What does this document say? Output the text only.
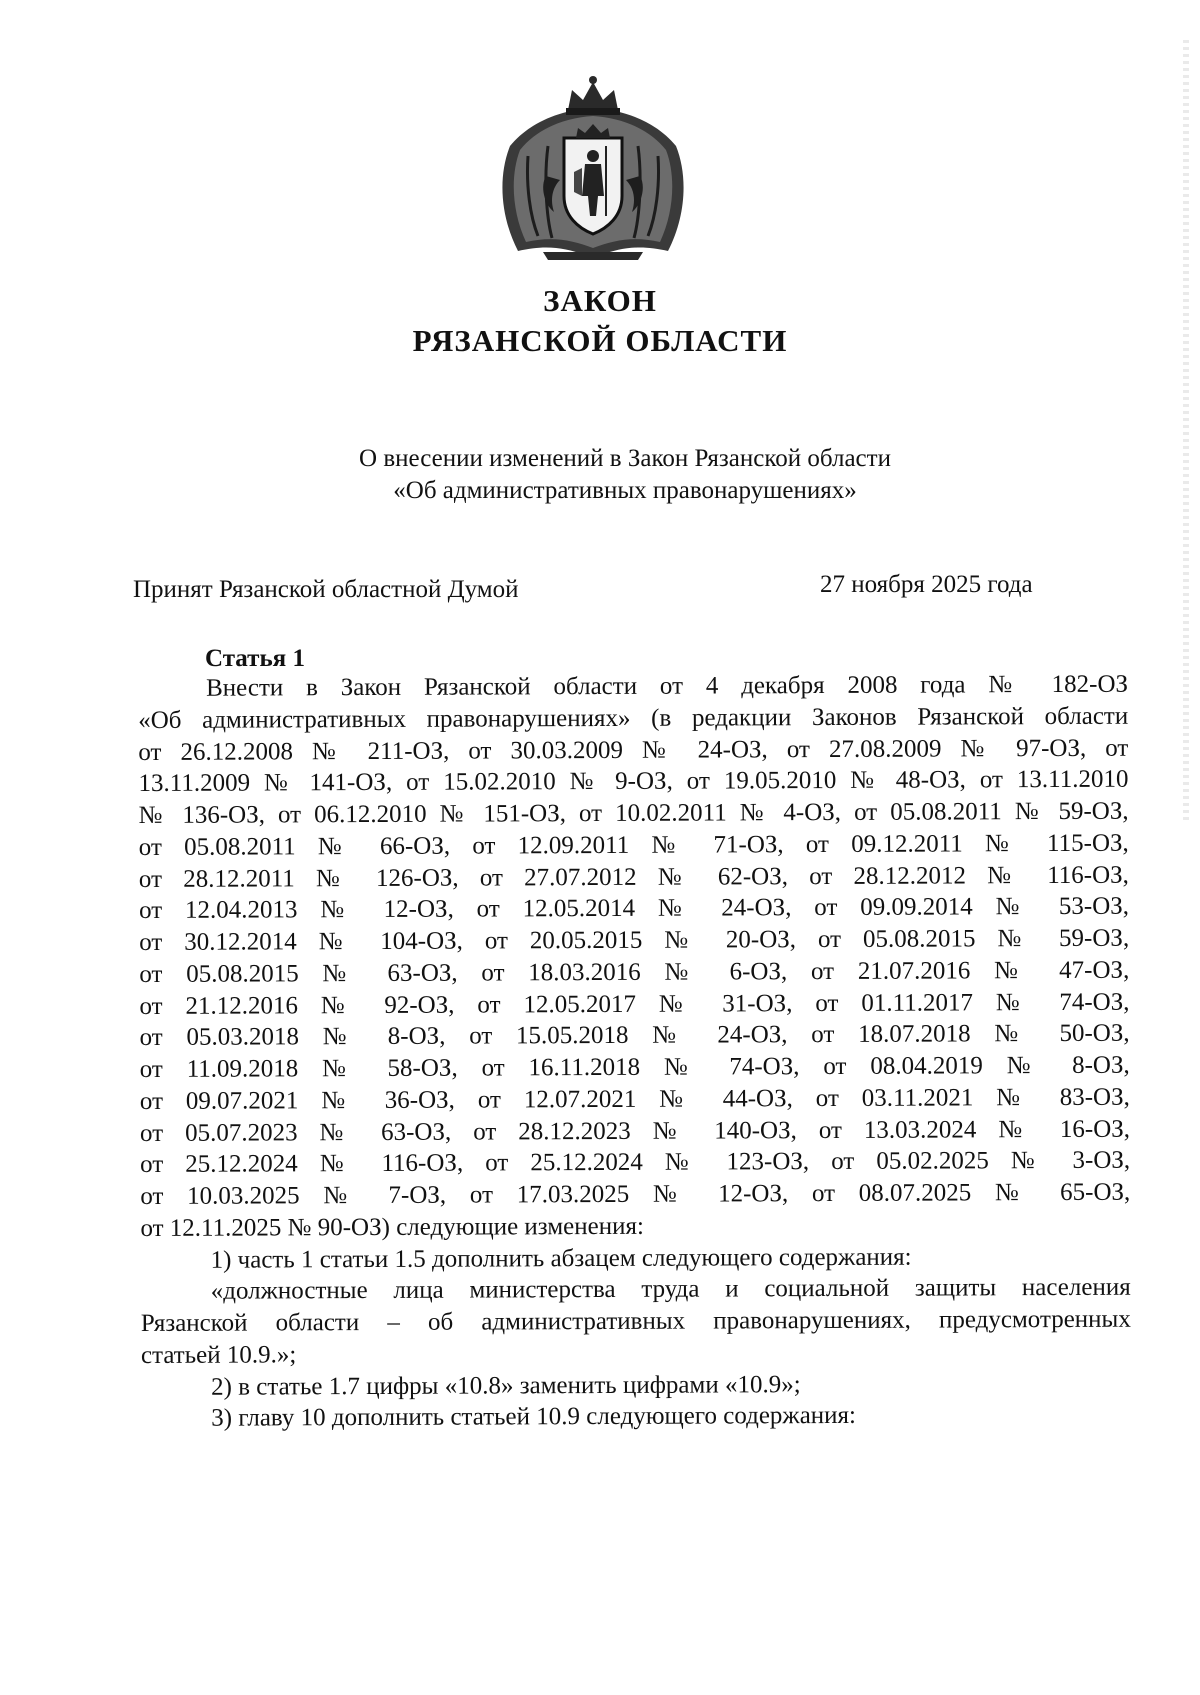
ЗАКОН
РЯЗАНСКОЙ ОБЛАСТИ
О внесении изменений в Закон Рязанской области
«Об административных правонарушениях»
Принят Рязанской областной Думой	27 ноября 2025 года
Статья 1
Внести в Закон Рязанской области от 4 декабря 2008 года № 182-ОЗ
«Об административных правонарушениях» (в редакции Законов Рязанской области
от 26.12.2008 № 211-ОЗ, от 30.03.2009 № 24-ОЗ, от 27.08.2009 № 97-ОЗ, от
13.11.2009 № 141-ОЗ, от 15.02.2010 № 9-ОЗ, от 19.05.2010 № 48-ОЗ, от 13.11.2010
№ 136-ОЗ, от 06.12.2010 № 151-ОЗ, от 10.02.2011 № 4-ОЗ, от 05.08.2011 № 59-ОЗ,
от 05.08.2011 № 66-ОЗ, от 12.09.2011 № 71-ОЗ, от 09.12.2011 № 115-ОЗ,
от 28.12.2011 № 126-ОЗ, от 27.07.2012 № 62-ОЗ, от 28.12.2012 № 116-ОЗ,
от 12.04.2013 № 12-ОЗ, от 12.05.2014 № 24-ОЗ, от 09.09.2014 № 53-ОЗ,
от 30.12.2014 № 104-ОЗ, от 20.05.2015 № 20-ОЗ, от 05.08.2015 № 59-ОЗ,
от 05.08.2015 № 63-ОЗ, от 18.03.2016 № 6-ОЗ, от 21.07.2016 № 47-ОЗ,
от 21.12.2016 № 92-ОЗ, от 12.05.2017 № 31-ОЗ, от 01.11.2017 № 74-ОЗ,
от 05.03.2018 № 8-ОЗ, от 15.05.2018 № 24-ОЗ, от 18.07.2018 № 50-ОЗ,
от 11.09.2018 № 58-ОЗ, от 16.11.2018 № 74-ОЗ, от 08.04.2019 № 8-ОЗ,
от 09.07.2021 № 36-ОЗ, от 12.07.2021 № 44-ОЗ, от 03.11.2021 № 83-ОЗ,
от 05.07.2023 № 63-ОЗ, от 28.12.2023 № 140-ОЗ, от 13.03.2024 № 16-ОЗ,
от 25.12.2024 № 116-ОЗ, от 25.12.2024 № 123-ОЗ, от 05.02.2025 № 3-ОЗ,
от 10.03.2025 № 7-ОЗ, от 17.03.2025 № 12-ОЗ, от 08.07.2025 № 65-ОЗ,
от 12.11.2025 № 90-ОЗ) следующие изменения:
1) часть 1 статьи 1.5 дополнить абзацем следующего содержания:
«должностные лица министерства труда и социальной защиты населения
Рязанской области – об административных правонарушениях, предусмотренных
статьей 10.9.»;
2) в статье 1.7 цифры «10.8» заменить цифрами «10.9»;
3) главу 10 дополнить статьей 10.9 следующего содержания:
